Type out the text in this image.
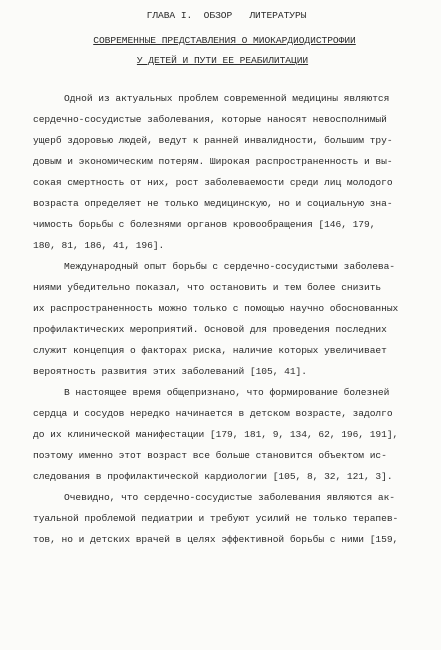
ГЛАВА I.  ОБЗОР   ЛИТЕРАТУРЫ
СОВРЕМЕННЫЕ ПРЕДСТАВЛЕНИЯ О МИОКАРДИОДИСТРОФИИ
У ДЕТЕЙ И ПУТИ ЕЕ РЕАБИЛИТАЦИИ
Одной из актуальных проблем современной медицины являются
сердечно-сосудистые заболевания, которые наносят невосполнимый
ущерб здоровью людей, ведут к ранней инвалидности, большим тру-
довым и экономическим потерям. Широкая распространенность и вы-
сокая смертность от них, рост заболеваемости среди лиц молодого
возраста определяет не только медицинскую, но и социальную зна-
чимость борьбы с болезнями органов кровообращения [146, 179,
180, 81, 186, 41, 196].
Международный опыт борьбы с сердечно-сосудистыми заболева-
ниями убедительно показал, что остановить и тем более снизить
их распространенность можно только с помощью научно обоснованных
профилактических мероприятий. Основой для проведения последних
служит концепция о факторах риска, наличие которых увеличивает
вероятность развития этих заболеваний [105, 41].
В настоящее время общепризнано, что формирование болезней
сердца и сосудов нередко начинается в детском возрасте, задолго
до их клинической манифестации [179, 181, 9, 134, 62, 196, 191],
поэтому именно этот возраст все больше становится объектом ис-
следования в профилактической кардиологии [105, 8, 32, 121, 3].
Очевидно, что сердечно-сосудистые заболевания являются ак-
туальной проблемой педиатрии и требуют усилий не только терапев-
тов, но и детских врачей в целях эффективной борьбы с ними [159,
